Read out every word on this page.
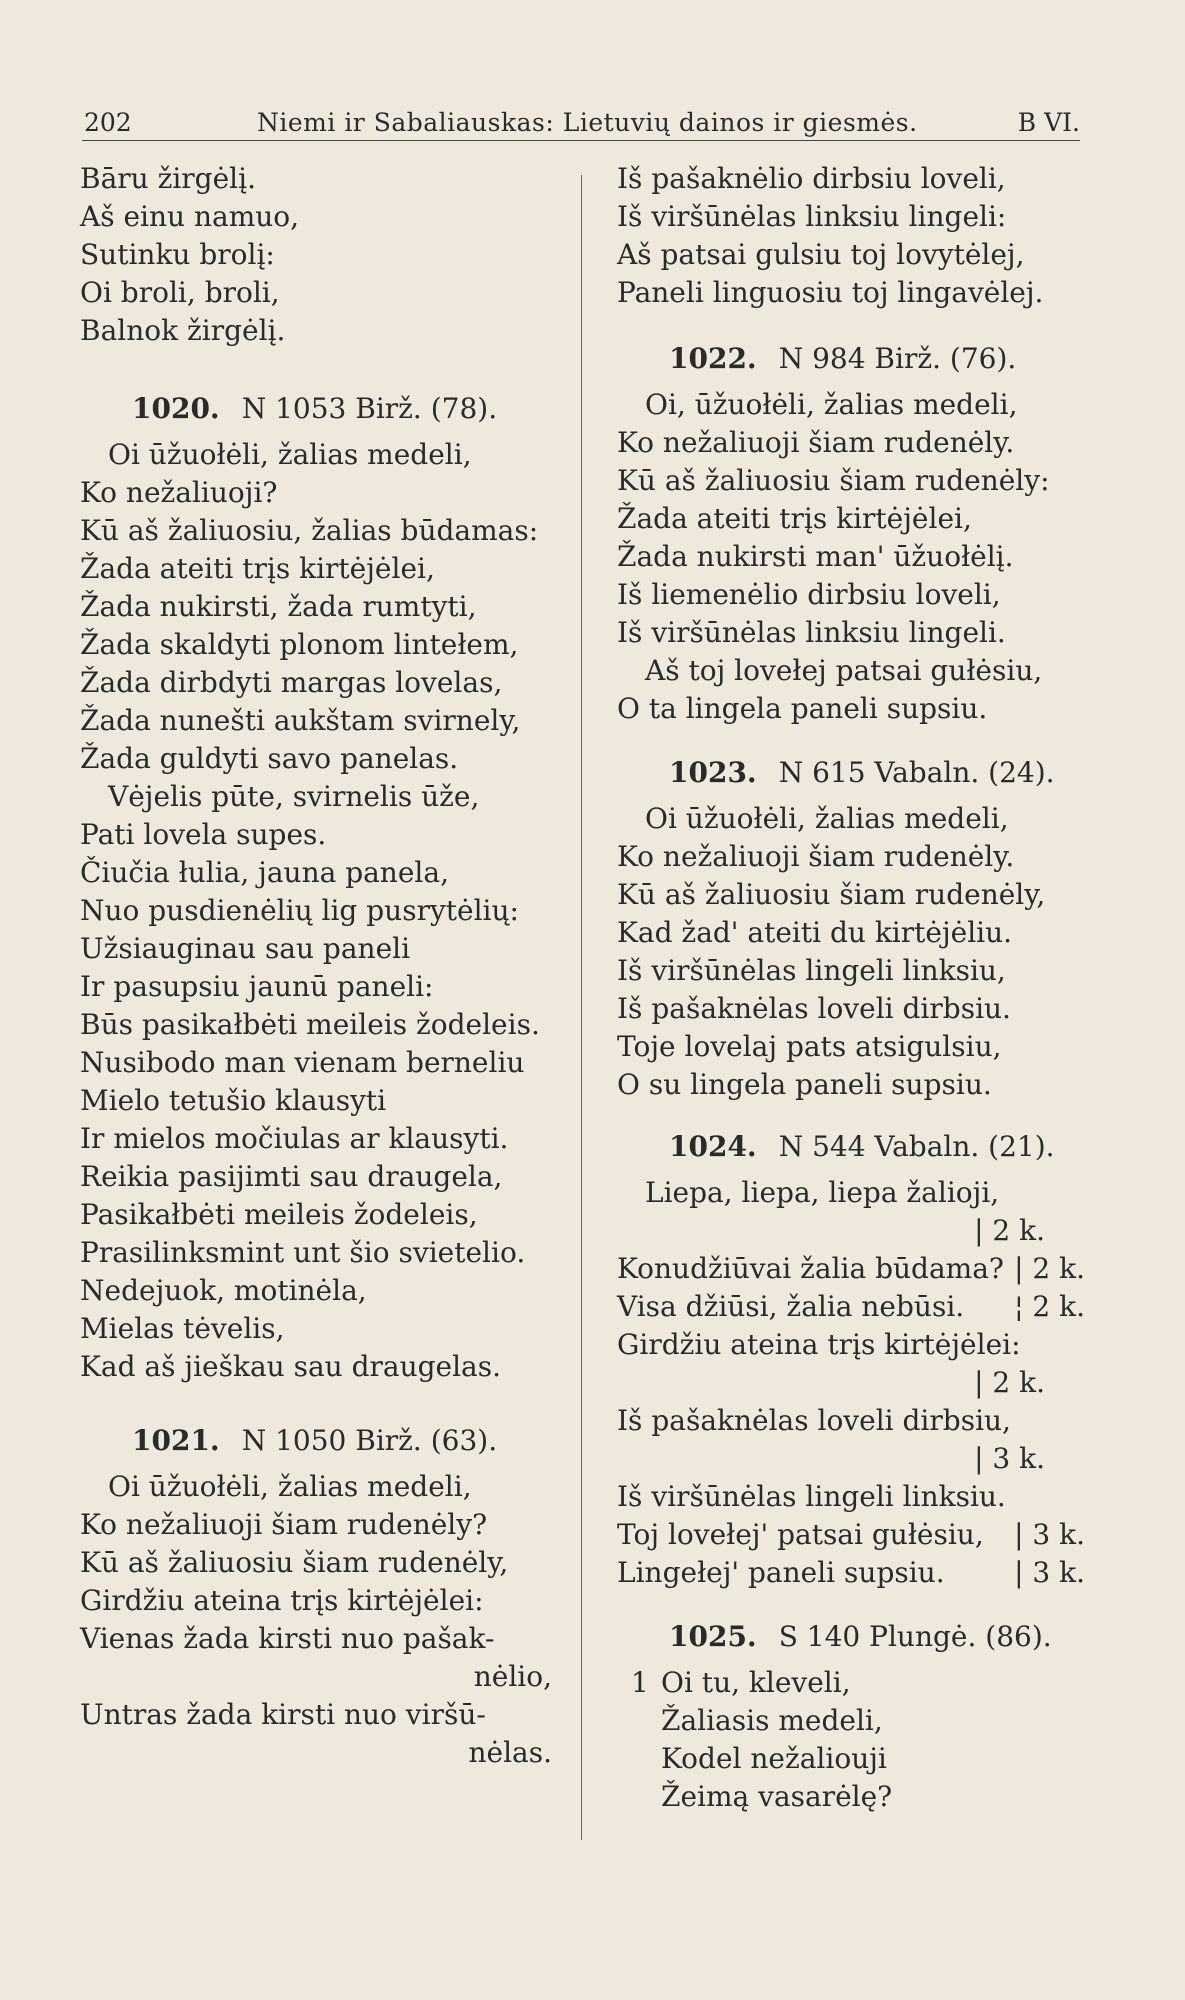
202	Niemi ir Sabaliauskas: Lietuvių dainos ir giesmės.	B VI.
Bāru žirgėlį.
Aš einu namuo,
Sutinku brolį:
Oi broli, broli,
Balnok žirgėlį.
1020. N 1053 Birž. (78).
Oi ūžuołėli, žalias medeli,
Ko nežaliuoji?
Kū aš žaliuosiu, žalias būdamas:
Žada ateiti trįs kirtėjėlei,
Žada nukirsti, žada rumtyti,
Žada skaldyti plonom lintełem,
Žada dirbdyti margas lovelas,
Žada nunešti aukštam svirnely,
Žada guldyti savo panelas.
Vėjelis pūte, svirnelis ūže,
Pati lovela supes.
Čiučia łulia, jauna panela,
Nuo pusdienėlių lig pusrytėlių:
Užsiauginau sau paneli
Ir pasupsiu jaunū paneli:
Būs pasikałbėti meileis žodeleis.
Nusibodo man vienam berneliu
Mielo tetušio klausyti
Ir mielos močiulas ar klausyti.
Reikia pasijimti sau draugela,
Pasikałbėti meileis žodeleis,
Prasilinksmint unt šio svietelio.
Nedejuok, motinėla,
Mielas tėvelis,
Kad aš jieškau sau draugelas.
1021. N 1050 Birž. (63).
Oi ūžuołėli, žalias medeli,
Ko nežaliuoji šiam rudenėly?
Kū aš žaliuosiu šiam rudenėly,
Girdžiu ateina trįs kirtėjėlei:
Vienas žada kirsti nuo pašak-
nėlio,
Untras žada kirsti nuo viršū-
nėlas.
Iš pašaknėlio dirbsiu loveli,
Iš viršūnėlas linksiu lingeli:
Aš patsai gulsiu toj lovytėlej,
Paneli linguosiu toj lingavėlej.
1022. N 984 Birž. (76).
Oi, ūžuołėli, žalias medeli,
Ko nežaliuoji šiam rudenėly.
Kū aš žaliuosiu šiam rudenėly:
Žada ateiti trįs kirtėjėlei,
Žada nukirsti man' ūžuołėlį.
Iš liemenėlio dirbsiu loveli,
Iš viršūnėlas linksiu lingeli.
Aš toj lovełej patsai gułėsiu,
O ta lingela paneli supsiu.
1023. N 615 Vabaln. (24).
Oi ūžuołėli, žalias medeli,
Ko nežaliuoji šiam rudenėly.
Kū aš žaliuosiu šiam rudenėly,
Kad žad' ateiti du kirtėjėliu.
Iš viršūnėlas lingeli linksiu,
Iš pašaknėlas loveli dirbsiu.
Toje lovelaj pats atsigulsiu,
O su lingela paneli supsiu.
1024. N 544 Vabaln. (21).
Liepa, liepa, liepa žalioji,
| 2 k.
Konudžiūvai žalia būdama? | 2 k.
Visa džiūsi, žalia nebūsi. ¦ 2 k.
Girdžiu ateina trįs kirtėjėlei:
| 2 k.
Iš pašaknėlas loveli dirbsiu,
| 3 k.
Iš viršūnėlas lingeli linksiu.
Toj lovełej' patsai gułėsiu, | 3 k.
Lingełej' paneli supsiu. | 3 k.
1025. S 140 Plungė. (86).
1 Oi tu, kleveli,
Žaliasis medeli,
Kodel nežaliouji
Žeimą vasarėlę?
